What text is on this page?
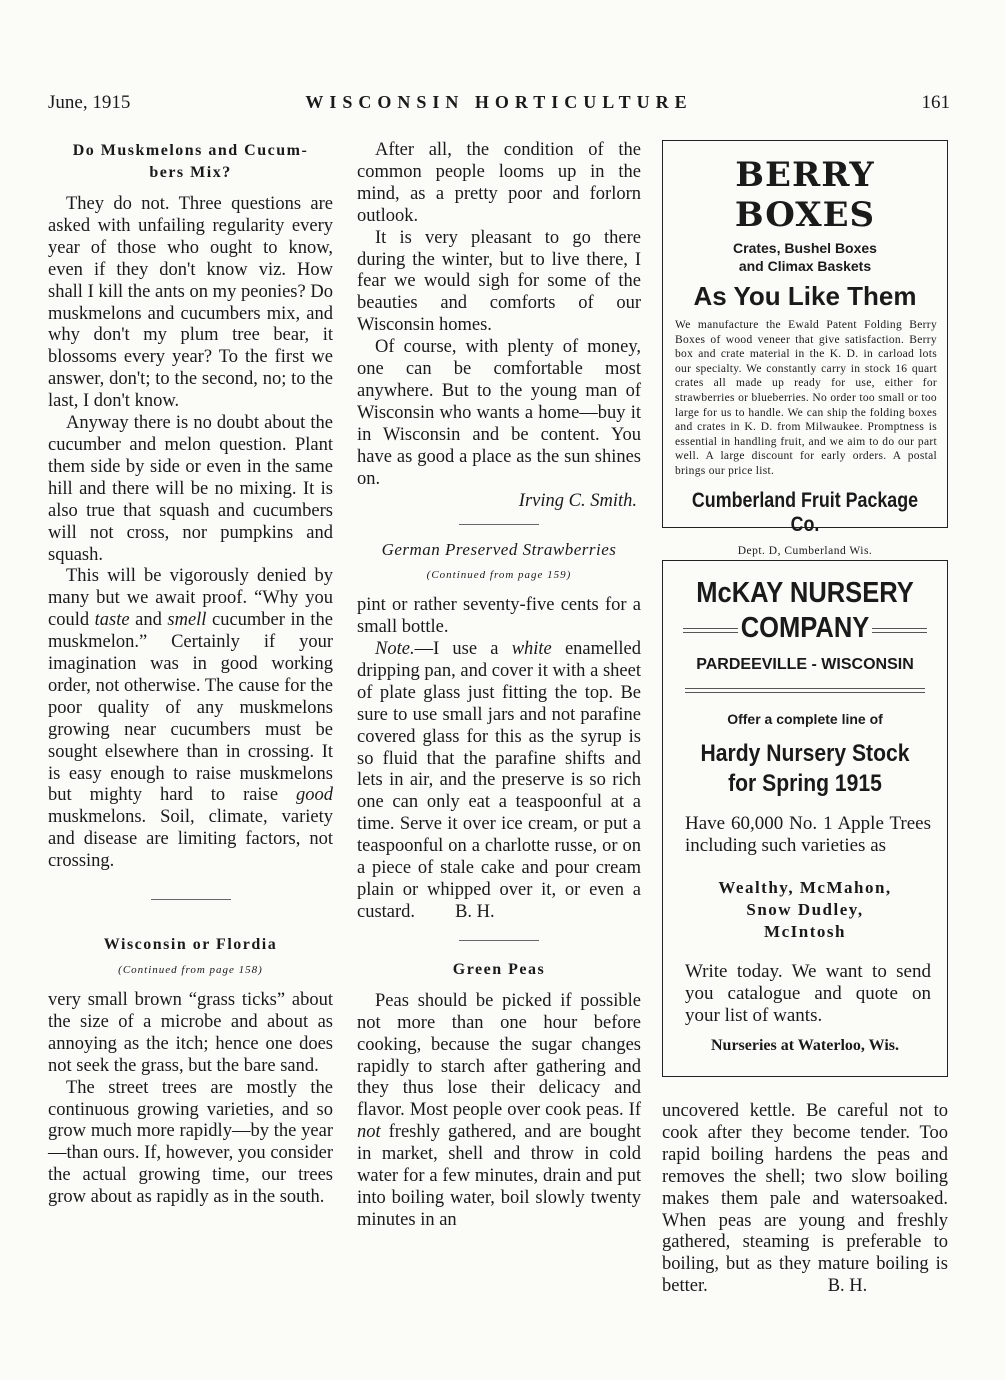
June, 1915	WISCONSIN HORTICULTURE	161
Do Muskmelons and Cucum-
bers Mix?

They do not. Three questions are asked with unfailing regularity every year of those who ought to know, even if they don't know viz. How shall I kill the ants on my peonies? Do muskmelons and cucumbers mix, and why don't my plum tree bear, it blossoms every year? To the first we answer, don't; to the second, no; to the last, I don't know.

Anyway there is no doubt about the cucumber and melon question. Plant them side by side or even in the same hill and there will be no mixing. It is also true that squash and cucumbers will not cross, nor pumpkins and squash.

This will be vigorously denied by many but we await proof. “Why you could taste and smell cucumber in the muskmelon.” Certainly if your imagination was in good working order, not otherwise. The cause for the poor quality of any muskmelons growing near cucumbers must be sought elsewhere than in crossing. It is easy enough to raise muskmelons but mighty hard to raise good muskmelons. Soil, climate, variety and disease are limiting factors, not crossing.

Wisconsin or Flordia
(Continued from page 158)

very small brown “grass ticks” about the size of a microbe and about as annoying as the itch; hence one does not seek the grass, but the bare sand.

The street trees are mostly the continuous growing varieties, and so grow much more rapidly—by the year—than ours. If, however, you consider the actual growing time, our trees grow about as rapidly as in the south.

After all, the condition of the common people looms up in the mind, as a pretty poor and forlorn outlook.

It is very pleasant to go there during the winter, but to live there, I fear we would sigh for some of the beauties and comforts of our Wisconsin homes.

Of course, with plenty of money, one can be comfortable most anywhere. But to the young man of Wisconsin who wants a home—buy it in Wisconsin and be content. You have as good a place as the sun shines on.

Irving C. Smith.

German Preserved Strawberries
(Continued from page 159)

pint or rather seventy-five cents for a small bottle.

Note.—I use a white enamelled dripping pan, and cover it with a sheet of plate glass just fitting the top. Be sure to use small jars and not parafine covered glass for this as the syrup is so fluid that the parafine shifts and lets in air, and the preserve is so rich one can only eat a teaspoonful at a time. Serve it over ice cream, or put a teaspoonful on a charlotte russe, or on a piece of stale cake and pour cream plain or whipped over it, or even a custard. B. H.

Green Peas

Peas should be picked if possible not more than one hour before cooking, because the sugar changes rapidly to starch after gathering and they thus lose their delicacy and flavor. Most people over cook peas. If not freshly gathered, and are bought in market, shell and throw in cold water for a few minutes, drain and put into boiling water, boil slowly twenty minutes in an

BERRY BOXES
Crates, Bushel Boxes
and Climax Baskets
As You Like Them
We manufacture the Ewald Patent Folding Berry Boxes of wood veneer that give satisfaction. Berry box and crate material in the K. D. in carload lots our specialty. We constantly carry in stock 16 quart crates all made up ready for use, either for strawberries or blueberries. No order too small or too large for us to handle. We can ship the folding boxes and crates in K. D. from Milwaukee. Promptness is essential in handling fruit, and we aim to do our part well. A large discount for early orders. A postal brings our price list.
Cumberland Fruit Package Co.
Dept. D, Cumberland Wis.
McKAY NURSERY
COMPANY
PARDEEVILLE - WISCONSIN
Offer a complete line of
Hardy Nursery Stock
for Spring 1915
Have 60,000 No. 1 Apple Trees including such varieties as
Wealthy, McMahon,
Snow Dudley,
McIntosh
Write today. We want to send you catalogue and quote on your list of wants.
Nurseries at Waterloo, Wis.

uncovered kettle. Be careful not to cook after they become tender. Too rapid boiling hardens the peas and removes the shell; two slow boiling makes them pale and watersoaked. When peas are young and freshly gathered, steaming is preferable to boiling, but as they mature boiling is better.	B. H.
